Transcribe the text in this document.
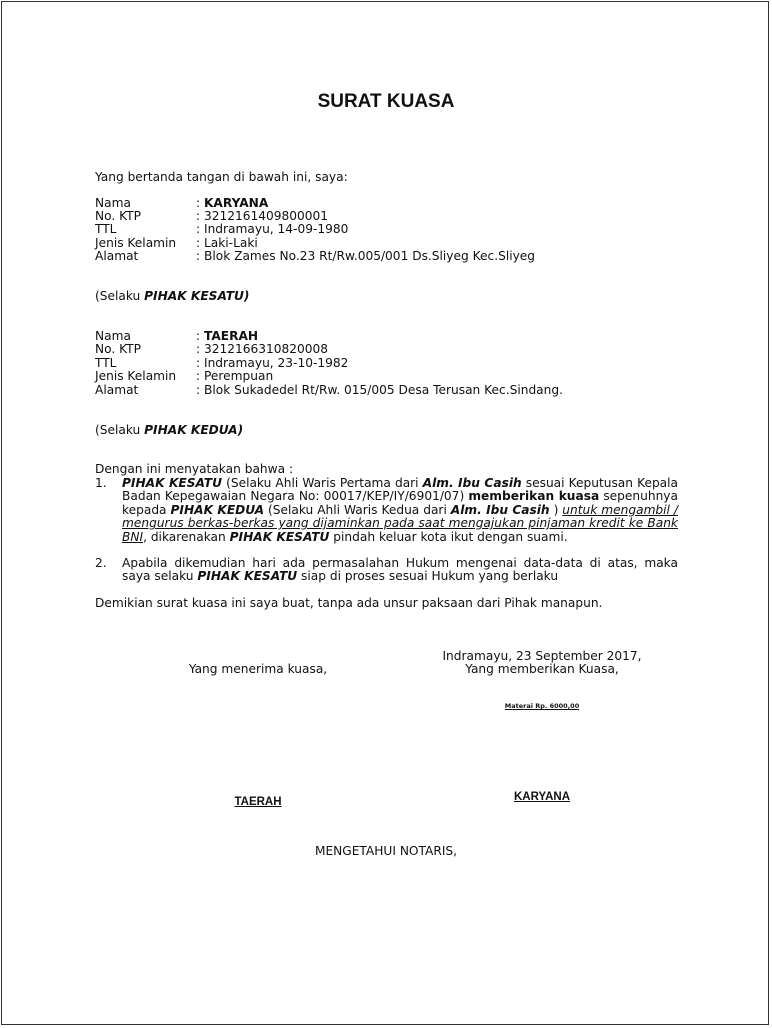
SURAT KUASA
Yang bertanda tangan di bawah ini, saya:
Nama	: KARYANA
No. KTP	: 3212161409800001
TTL	: Indramayu, 14-09-1980
Jenis Kelamin : Laki-Laki
Alamat	: Blok Zames No.23 Rt/Rw.005/001 Ds.Sliyeg Kec.Sliyeg
(Selaku PIHAK KESATU)
Nama	: TAERAH
No. KTP	: 3212166310820008
TTL	: Indramayu, 23-10-1982
Jenis Kelamin : Perempuan
Alamat	: Blok Sukadedel Rt/Rw. 015/005 Desa Terusan Kec.Sindang.
(Selaku PIHAK KEDUA)
Dengan ini menyatakan bahwa :
1. PIHAK KESATU (Selaku Ahli Waris Pertama dari Alm. Ibu Casih sesuai Keputusan Kepala Badan Kepegawaian Negara No: 00017/KEP/IY/6901/07) memberikan kuasa sepenuhnya kepada PIHAK KEDUA (Selaku Ahli Waris Kedua dari Alm. Ibu Casih ) untuk mengambil / mengurus berkas-berkas yang dijaminkan pada saat mengajukan pinjaman kredit ke Bank BNI, dikarenakan PIHAK KESATU pindah keluar kota ikut dengan suami.
2. Apabila dikemudian hari ada permasalahan Hukum mengenai data-data di atas, maka saya selaku PIHAK KESATU siap di proses sesuai Hukum yang berlaku
Demikian surat kuasa ini saya buat, tanpa ada unsur paksaan dari Pihak manapun.
Indramayu, 23 September 2017,
Yang menerima kuasa,	Yang memberikan Kuasa,
Materai Rp. 6000,00
TAERAH	KARYANA
MENGETAHUI NOTARIS,
